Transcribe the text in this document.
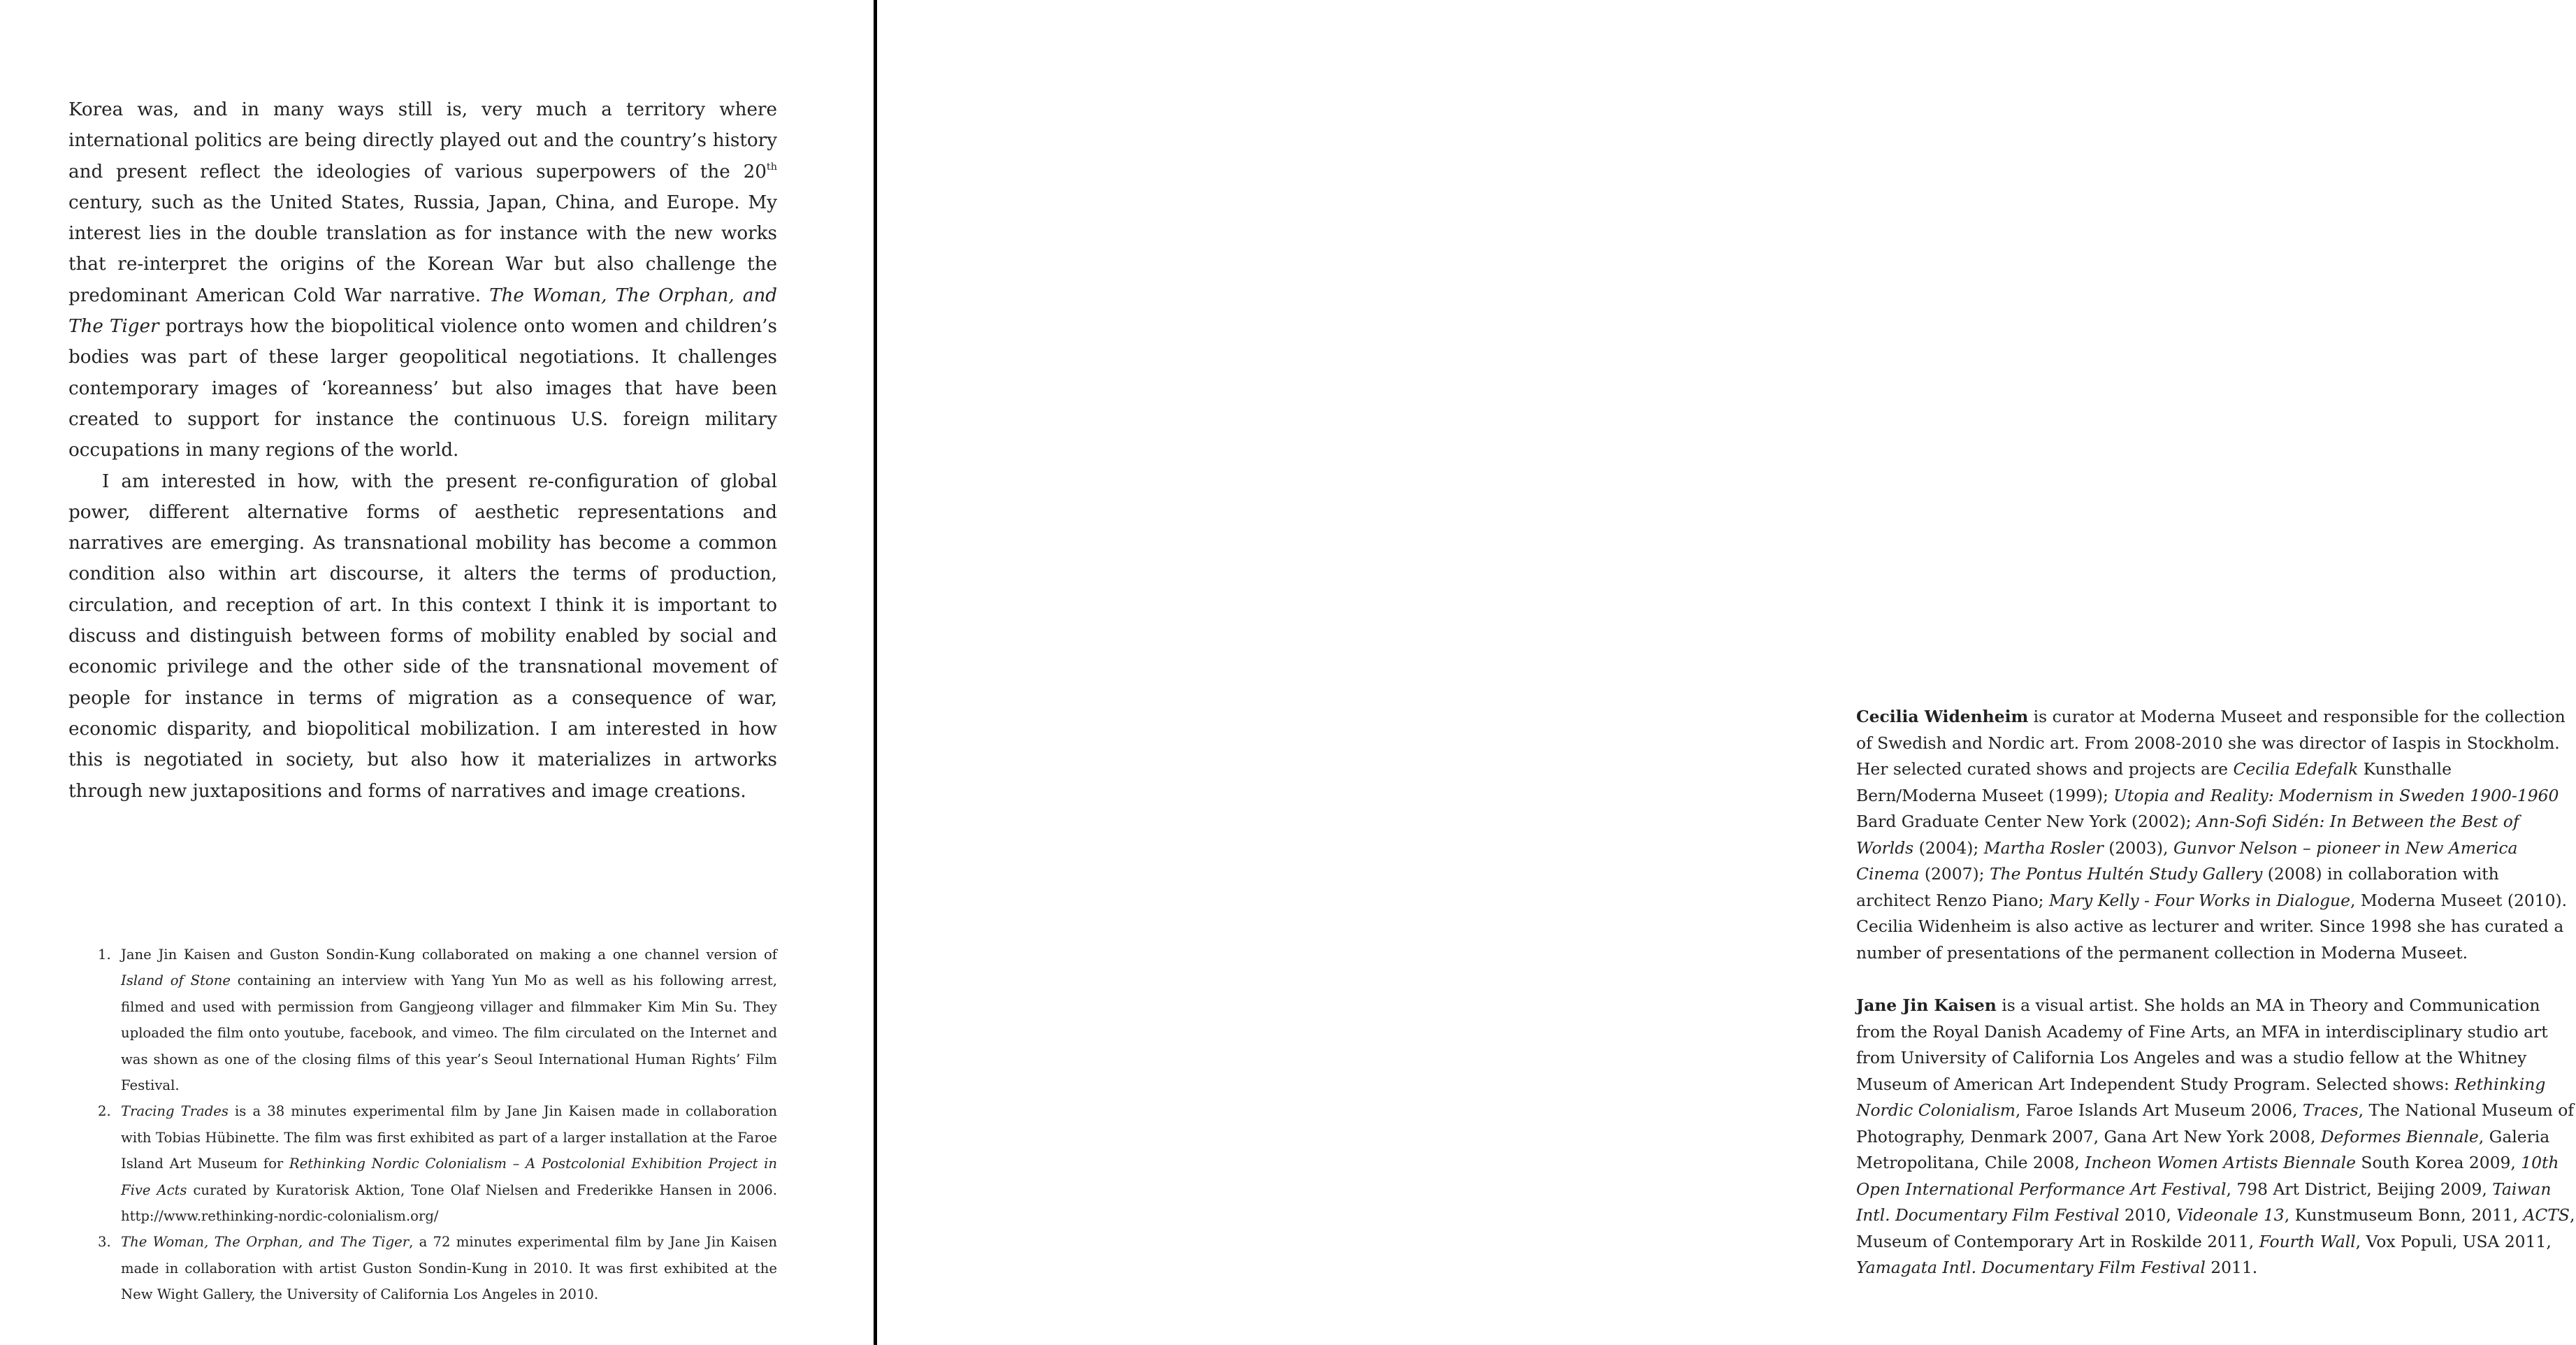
Korea was, and in many ways still is, very much a territory where international politics are being directly played out and the country’s history and present reflect the ideologies of various superpowers of the 20th century, such as the United States, Russia, Japan, China, and Europe. My interest lies in the double translation as for instance with the new works that re-interpret the origins of the Korean War but also challenge the predominant American Cold War narrative. The Woman, The Orphan, and The Tiger portrays how the biopolitical violence onto women and children’s bodies was part of these larger geopolitical negotiations. It challenges contemporary images of ‘koreanness’ but also images that have been created to support for instance the continuous U.S. foreign military occupations in many regions of the world.

I am interested in how, with the present re-configuration of global power, different alternative forms of aesthetic representations and narratives are emerging. As transnational mobility has become a common condition also within art discourse, it alters the terms of production, circulation, and reception of art. In this context I think it is important to discuss and distinguish between forms of mobility enabled by social and economic privilege and the other side of the transnational movement of people for instance in terms of migration as a consequence of war, economic disparity, and biopolitical mobilization. I am interested in how this is negotiated in society, but also how it materializes in artworks through new juxtapositions and forms of narratives and image creations.

1. Jane Jin Kaisen and Guston Sondin-Kung collaborated on making a one channel version of Island of Stone containing an interview with Yang Yun Mo as well as his following arrest, filmed and used with permission from Gangjeong villager and filmmaker Kim Min Su. They uploaded the film onto youtube, facebook, and vimeo. The film circulated on the Internet and was shown as one of the closing films of this year’s Seoul International Human Rights’ Film Festival.
2. Tracing Trades is a 38 minutes experimental film by Jane Jin Kaisen made in collaboration with Tobias Hübinette. The film was first exhibited as part of a larger installation at the Faroe Island Art Museum for Rethinking Nordic Colonialism – A Postcolonial Exhibition Project in Five Acts curated by Kuratorisk Aktion, Tone Olaf Nielsen and Frederikke Hansen in 2006. http://www.rethinking-nordic-colonialism.org/
3. The Woman, The Orphan, and The Tiger, a 72 minutes experimental film by Jane Jin Kaisen made in collaboration with artist Guston Sondin-Kung in 2010. It was first exhibited at the New Wight Gallery, the University of California Los Angeles in 2010.

Cecilia Widenheim is curator at Moderna Museet and responsible for the collection of Swedish and Nordic art. From 2008-2010 she was director of Iaspis in Stockholm. Her selected curated shows and projects are Cecilia Edefalk Kunsthalle Bern/Moderna Museet (1999); Utopia and Reality: Modernism in Sweden 1900-1960 Bard Graduate Center New York (2002); Ann-Sofi Sidén: In Between the Best of Worlds (2004); Martha Rosler (2003), Gunvor Nelson – pioneer in New America Cinema (2007); The Pontus Hultén Study Gallery (2008) in collaboration with architect Renzo Piano; Mary Kelly - Four Works in Dialogue, Moderna Museet (2010). Cecilia Widenheim is also active as lecturer and writer. Since 1998 she has curated a number of presentations of the permanent collection in Moderna Museet.

Jane Jin Kaisen is a visual artist. She holds an MA in Theory and Communication from the Royal Danish Academy of Fine Arts, an MFA in interdisciplinary studio art from University of California Los Angeles and was a studio fellow at the Whitney Museum of American Art Independent Study Program. Selected shows: Rethinking Nordic Colonialism, Faroe Islands Art Museum 2006, Traces, The National Museum of Photography, Denmark 2007, Gana Art New York 2008, Deformes Biennale, Galeria Metropolitana, Chile 2008, Incheon Women Artists Biennale South Korea 2009, 10th Open International Performance Art Festival, 798 Art District, Beijing 2009, Taiwan Intl. Documentary Film Festival 2010, Videonale 13, Kunstmuseum Bonn, 2011, ACTS, Museum of Contemporary Art in Roskilde 2011, Fourth Wall, Vox Populi, USA 2011, Yamagata Intl. Documentary Film Festival 2011.
